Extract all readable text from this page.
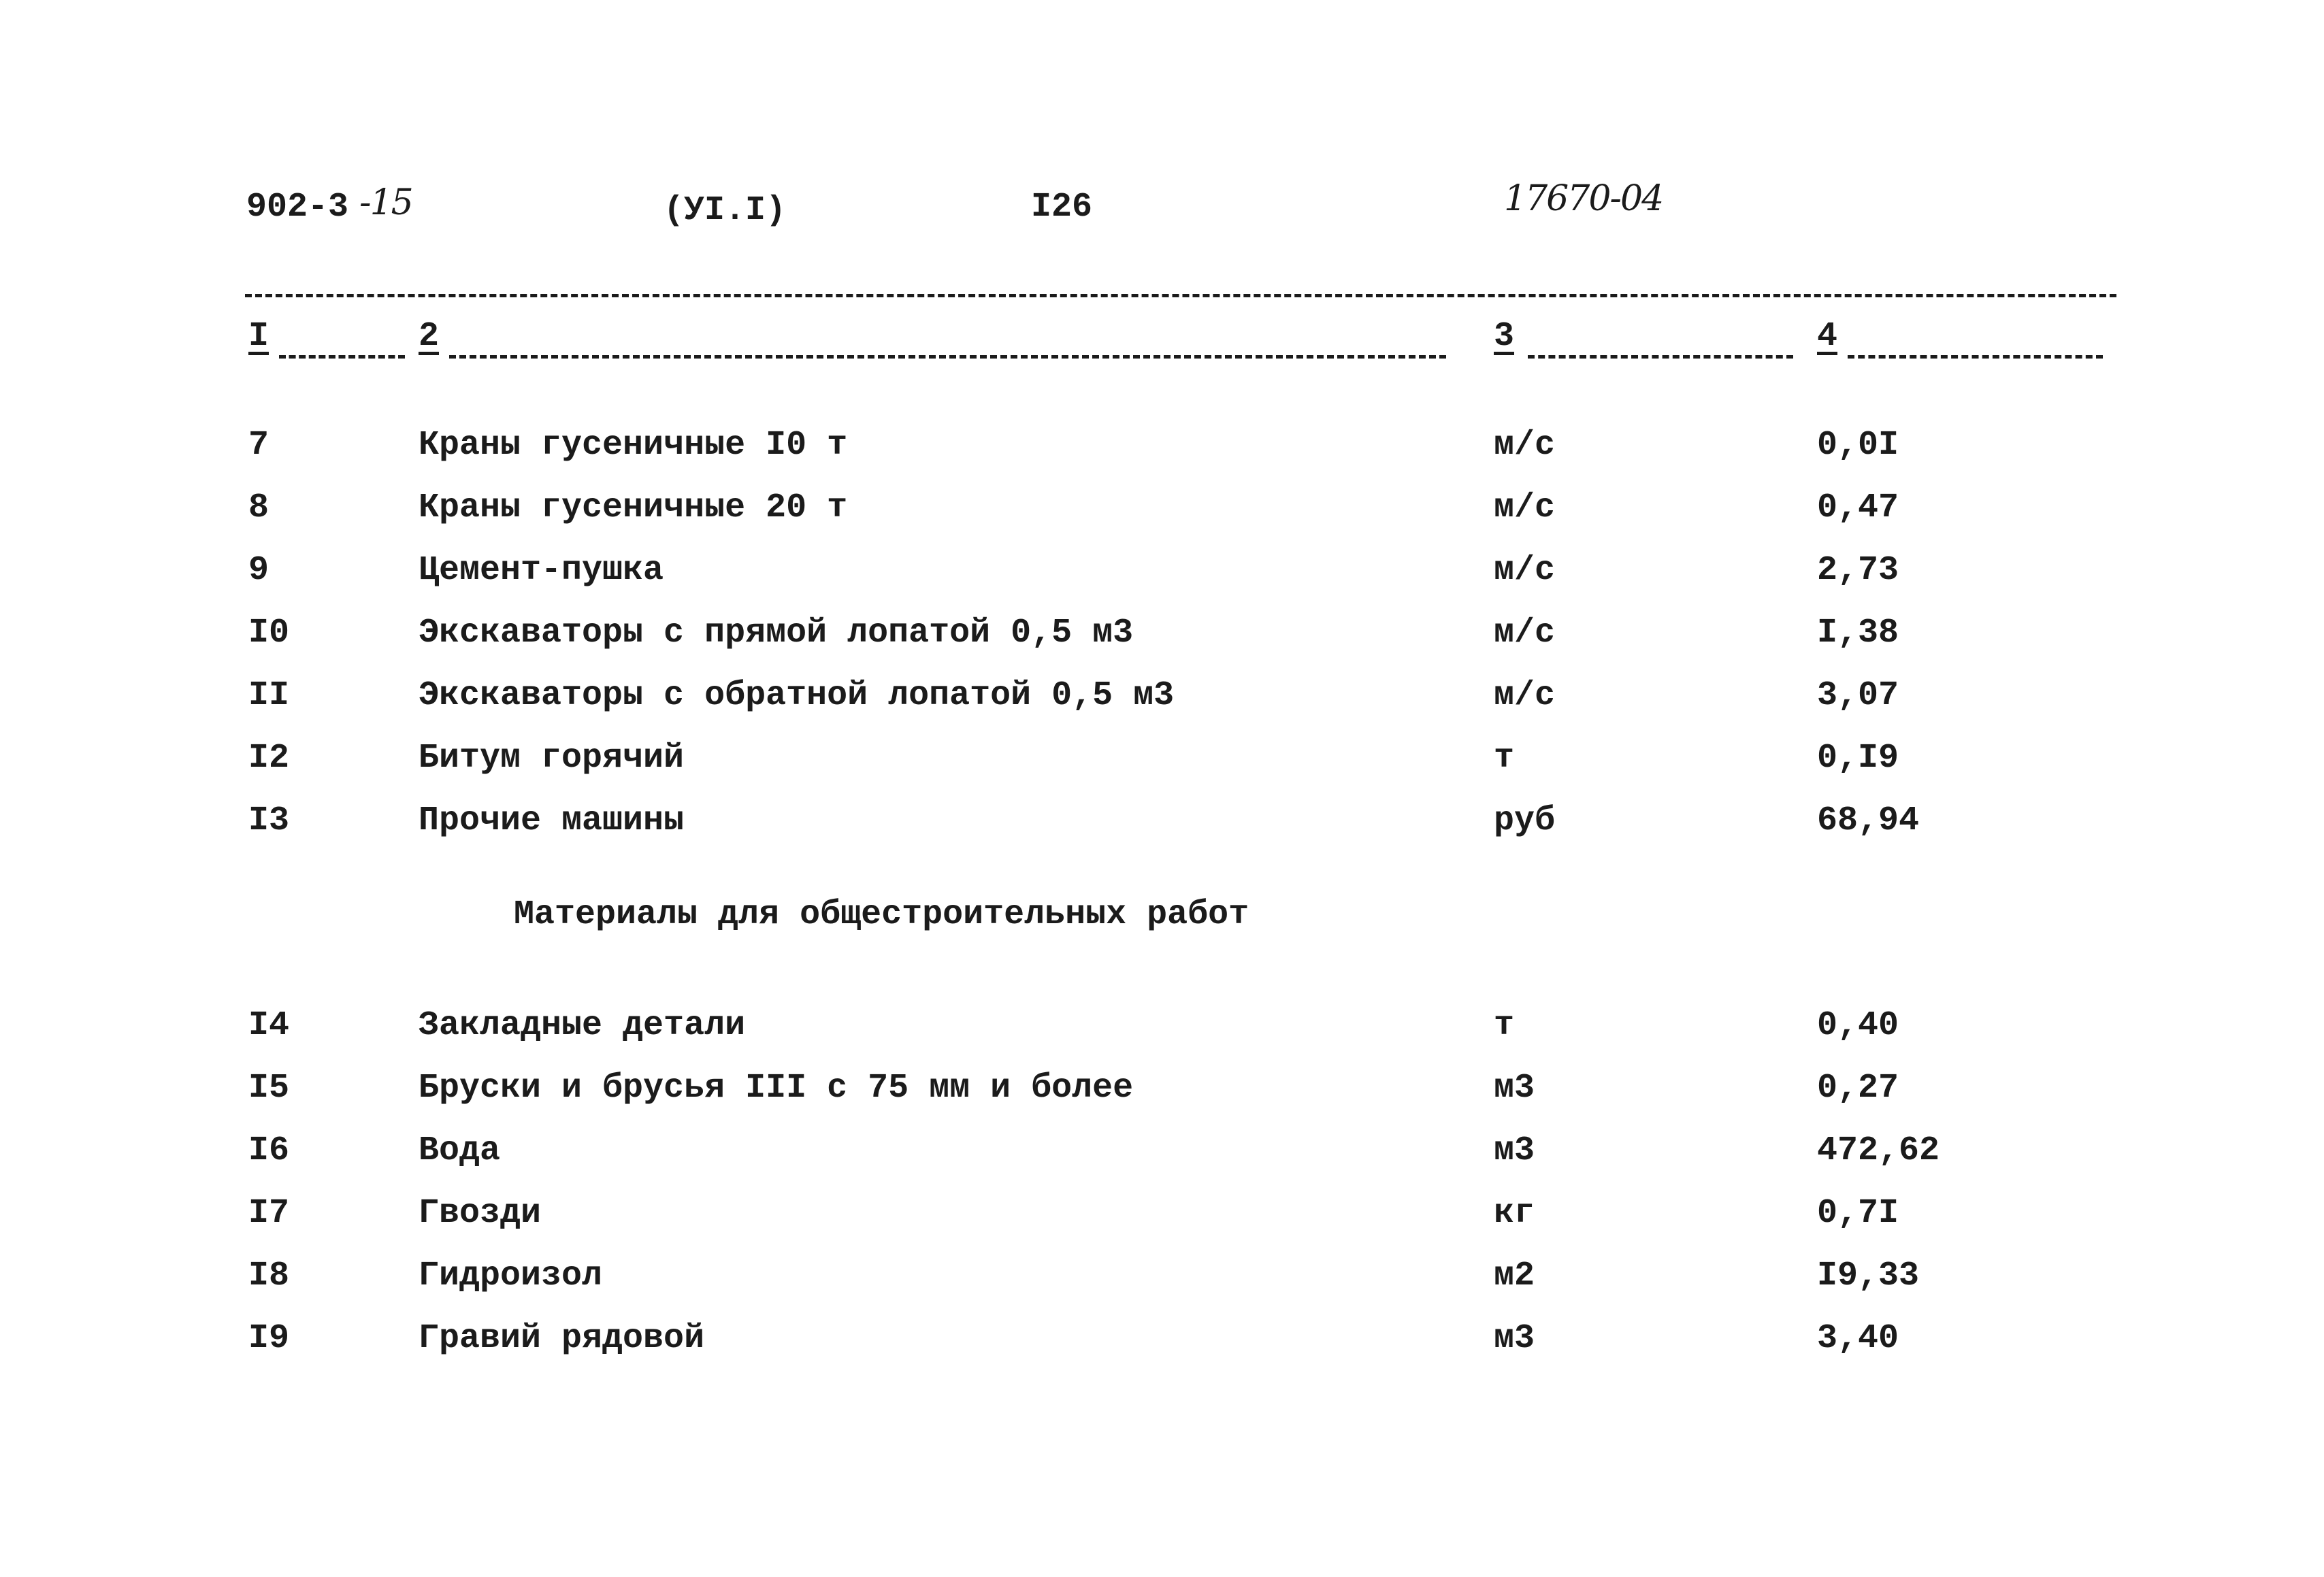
902-3 -15	(УI.I)	I26	17670-04
I	2	3	4
7	Краны гусеничные I0 т	м/с	0,0I
8	Краны гусеничные 20 т	м/с	0,47
9	Цемент-пушка	м/с	2,73
I0	Экскаваторы с прямой лопатой 0,5 м3	м/с	I,38
II	Экскаваторы с обратной лопатой 0,5 м3	м/с	3,07
I2	Битум горячий	т	0,I9
I3	Прочие машины	руб	68,94
Материалы для общестроительных работ
I4	Закладные детали	т	0,40
I5	Бруски и брусья III с 75 мм и более	м3	0,27
I6	Вода	м3	472,62
I7	Гвозди	кг	0,7I
I8	Гидроизол	м2	I9,33
I9	Гравий рядовой	м3	3,40
